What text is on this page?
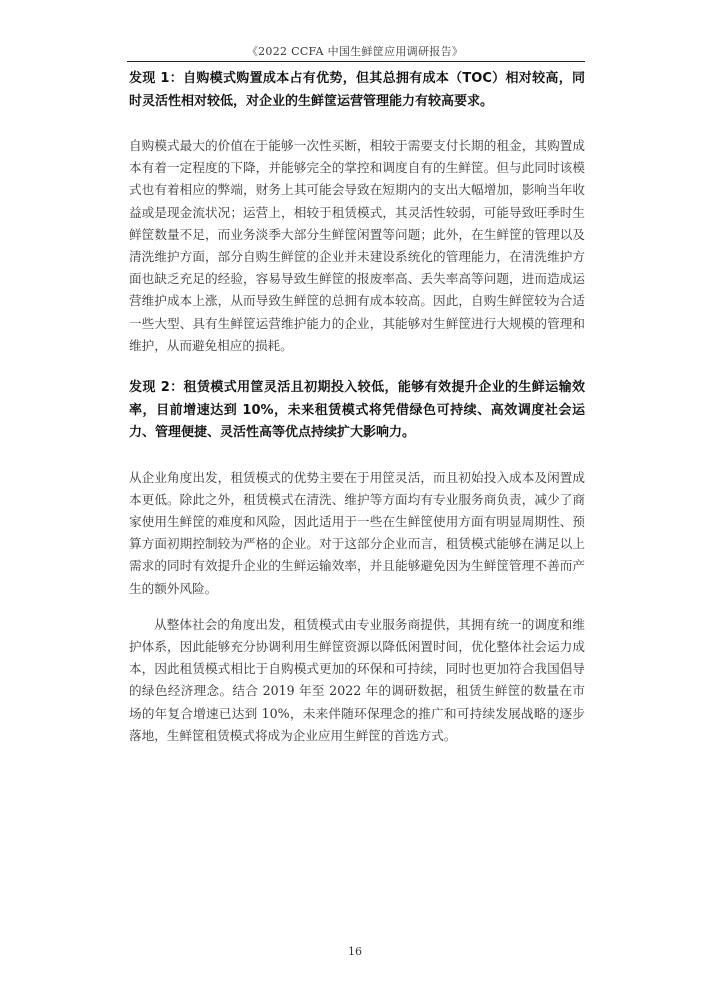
《2022 CCFA 中国生鲜筐应用调研报告》

发现 1：自购模式购置成本占有优势，但其总拥有成本（TOC）相对较高，同时灵活性相对较低，对企业的生鲜筐运营管理能力有较高要求。

自购模式最大的价值在于能够一次性买断，相较于需要支付长期的租金，其购置成本有着一定程度的下降，并能够完全的掌控和调度自有的生鲜筐。但与此同时该模式也有着相应的弊端，财务上其可能会导致在短期内的支出大幅增加，影响当年收益或是现金流状况；运营上，相较于租赁模式，其灵活性较弱，可能导致旺季时生鲜筐数量不足，而业务淡季大部分生鲜筐闲置等问题；此外，在生鲜筐的管理以及清洗维护方面，部分自购生鲜筐的企业并未建设系统化的管理能力，在清洗维护方面也缺乏充足的经验，容易导致生鲜筐的报废率高、丢失率高等问题，进而造成运营维护成本上涨，从而导致生鲜筐的总拥有成本较高。因此，自购生鲜筐较为合适一些大型、具有生鲜筐运营维护能力的企业，其能够对生鲜筐进行大规模的管理和维护，从而避免相应的损耗。

发现 2：租赁模式用筐灵活且初期投入较低，能够有效提升企业的生鲜运输效率，目前增速达到 10%，未来租赁模式将凭借绿色可持续、高效调度社会运力、管理便捷、灵活性高等优点持续扩大影响力。

从企业角度出发，租赁模式的优势主要在于用筐灵活，而且初始投入成本及闲置成本更低。除此之外，租赁模式在清洗、维护等方面均有专业服务商负责，减少了商家使用生鲜筐的难度和风险，因此适用于一些在生鲜筐使用方面有明显周期性、预算方面初期控制较为严格的企业。对于这部分企业而言，租赁模式能够在满足以上需求的同时有效提升企业的生鲜运输效率，并且能够避免因为生鲜筐管理不善而产生的额外风险。

从整体社会的角度出发，租赁模式由专业服务商提供，其拥有统一的调度和维护体系，因此能够充分协调利用生鲜筐资源以降低闲置时间，优化整体社会运力成本，因此租赁模式相比于自购模式更加的环保和可持续，同时也更加符合我国倡导的绿色经济理念。结合 2019 年至 2022 年的调研数据，租赁生鲜筐的数量在市场的年复合增速已达到 10%，未来伴随环保理念的推广和可持续发展战略的逐步落地，生鲜筐租赁模式将成为企业应用生鲜筐的首选方式。

16
